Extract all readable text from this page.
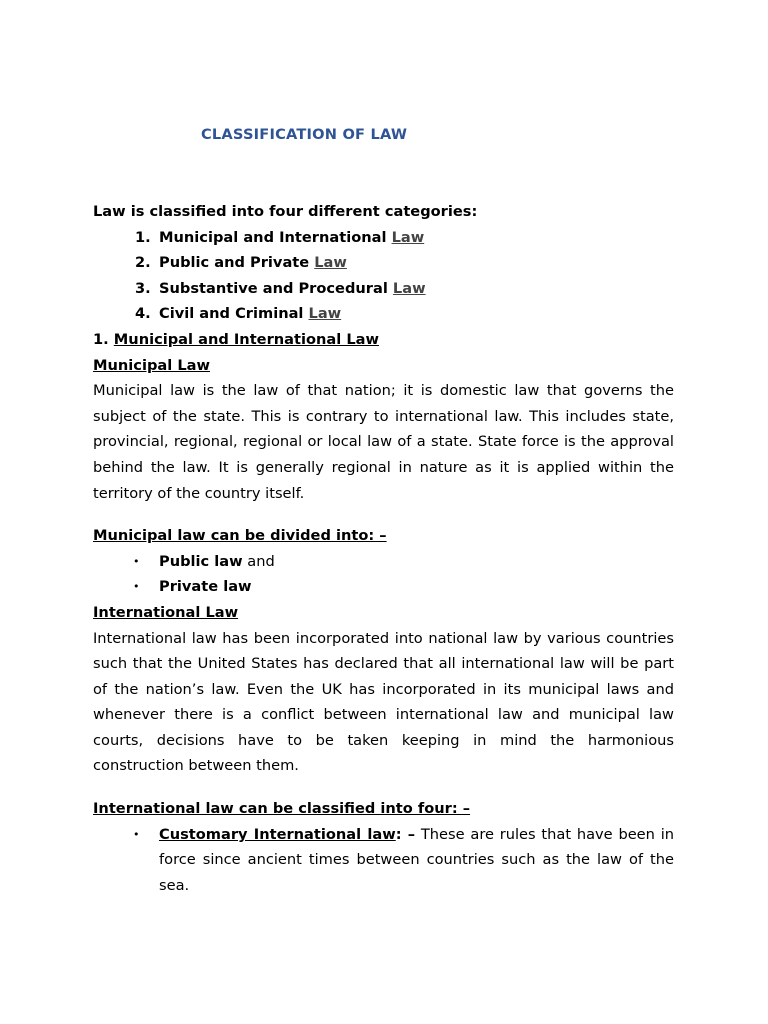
CLASSIFICATION OF LAW
Law is classified into four different categories:
1. Municipal and International Law
2. Public and Private Law
3. Substantive and Procedural Law
4. Civil and Criminal Law
1. Municipal and International Law
Municipal Law
Municipal law is the law of that nation; it is domestic law that governs the subject of the state. This is contrary to international law. This includes state, provincial, regional, regional or local law of a state. State force is the approval behind the law. It is generally regional in nature as it is applied within the territory of the country itself.
Municipal law can be divided into: –
• Public law and
• Private law
International Law
International law has been incorporated into national law by various countries such that the United States has declared that all international law will be part of the nation’s law. Even the UK has incorporated in its municipal laws and whenever there is a conflict between international law and municipal law courts, decisions have to be taken keeping in mind the harmonious construction between them.
International law can be classified into four: –
• Customary International law: – These are rules that have been in force since ancient times between countries such as the law of the sea.
